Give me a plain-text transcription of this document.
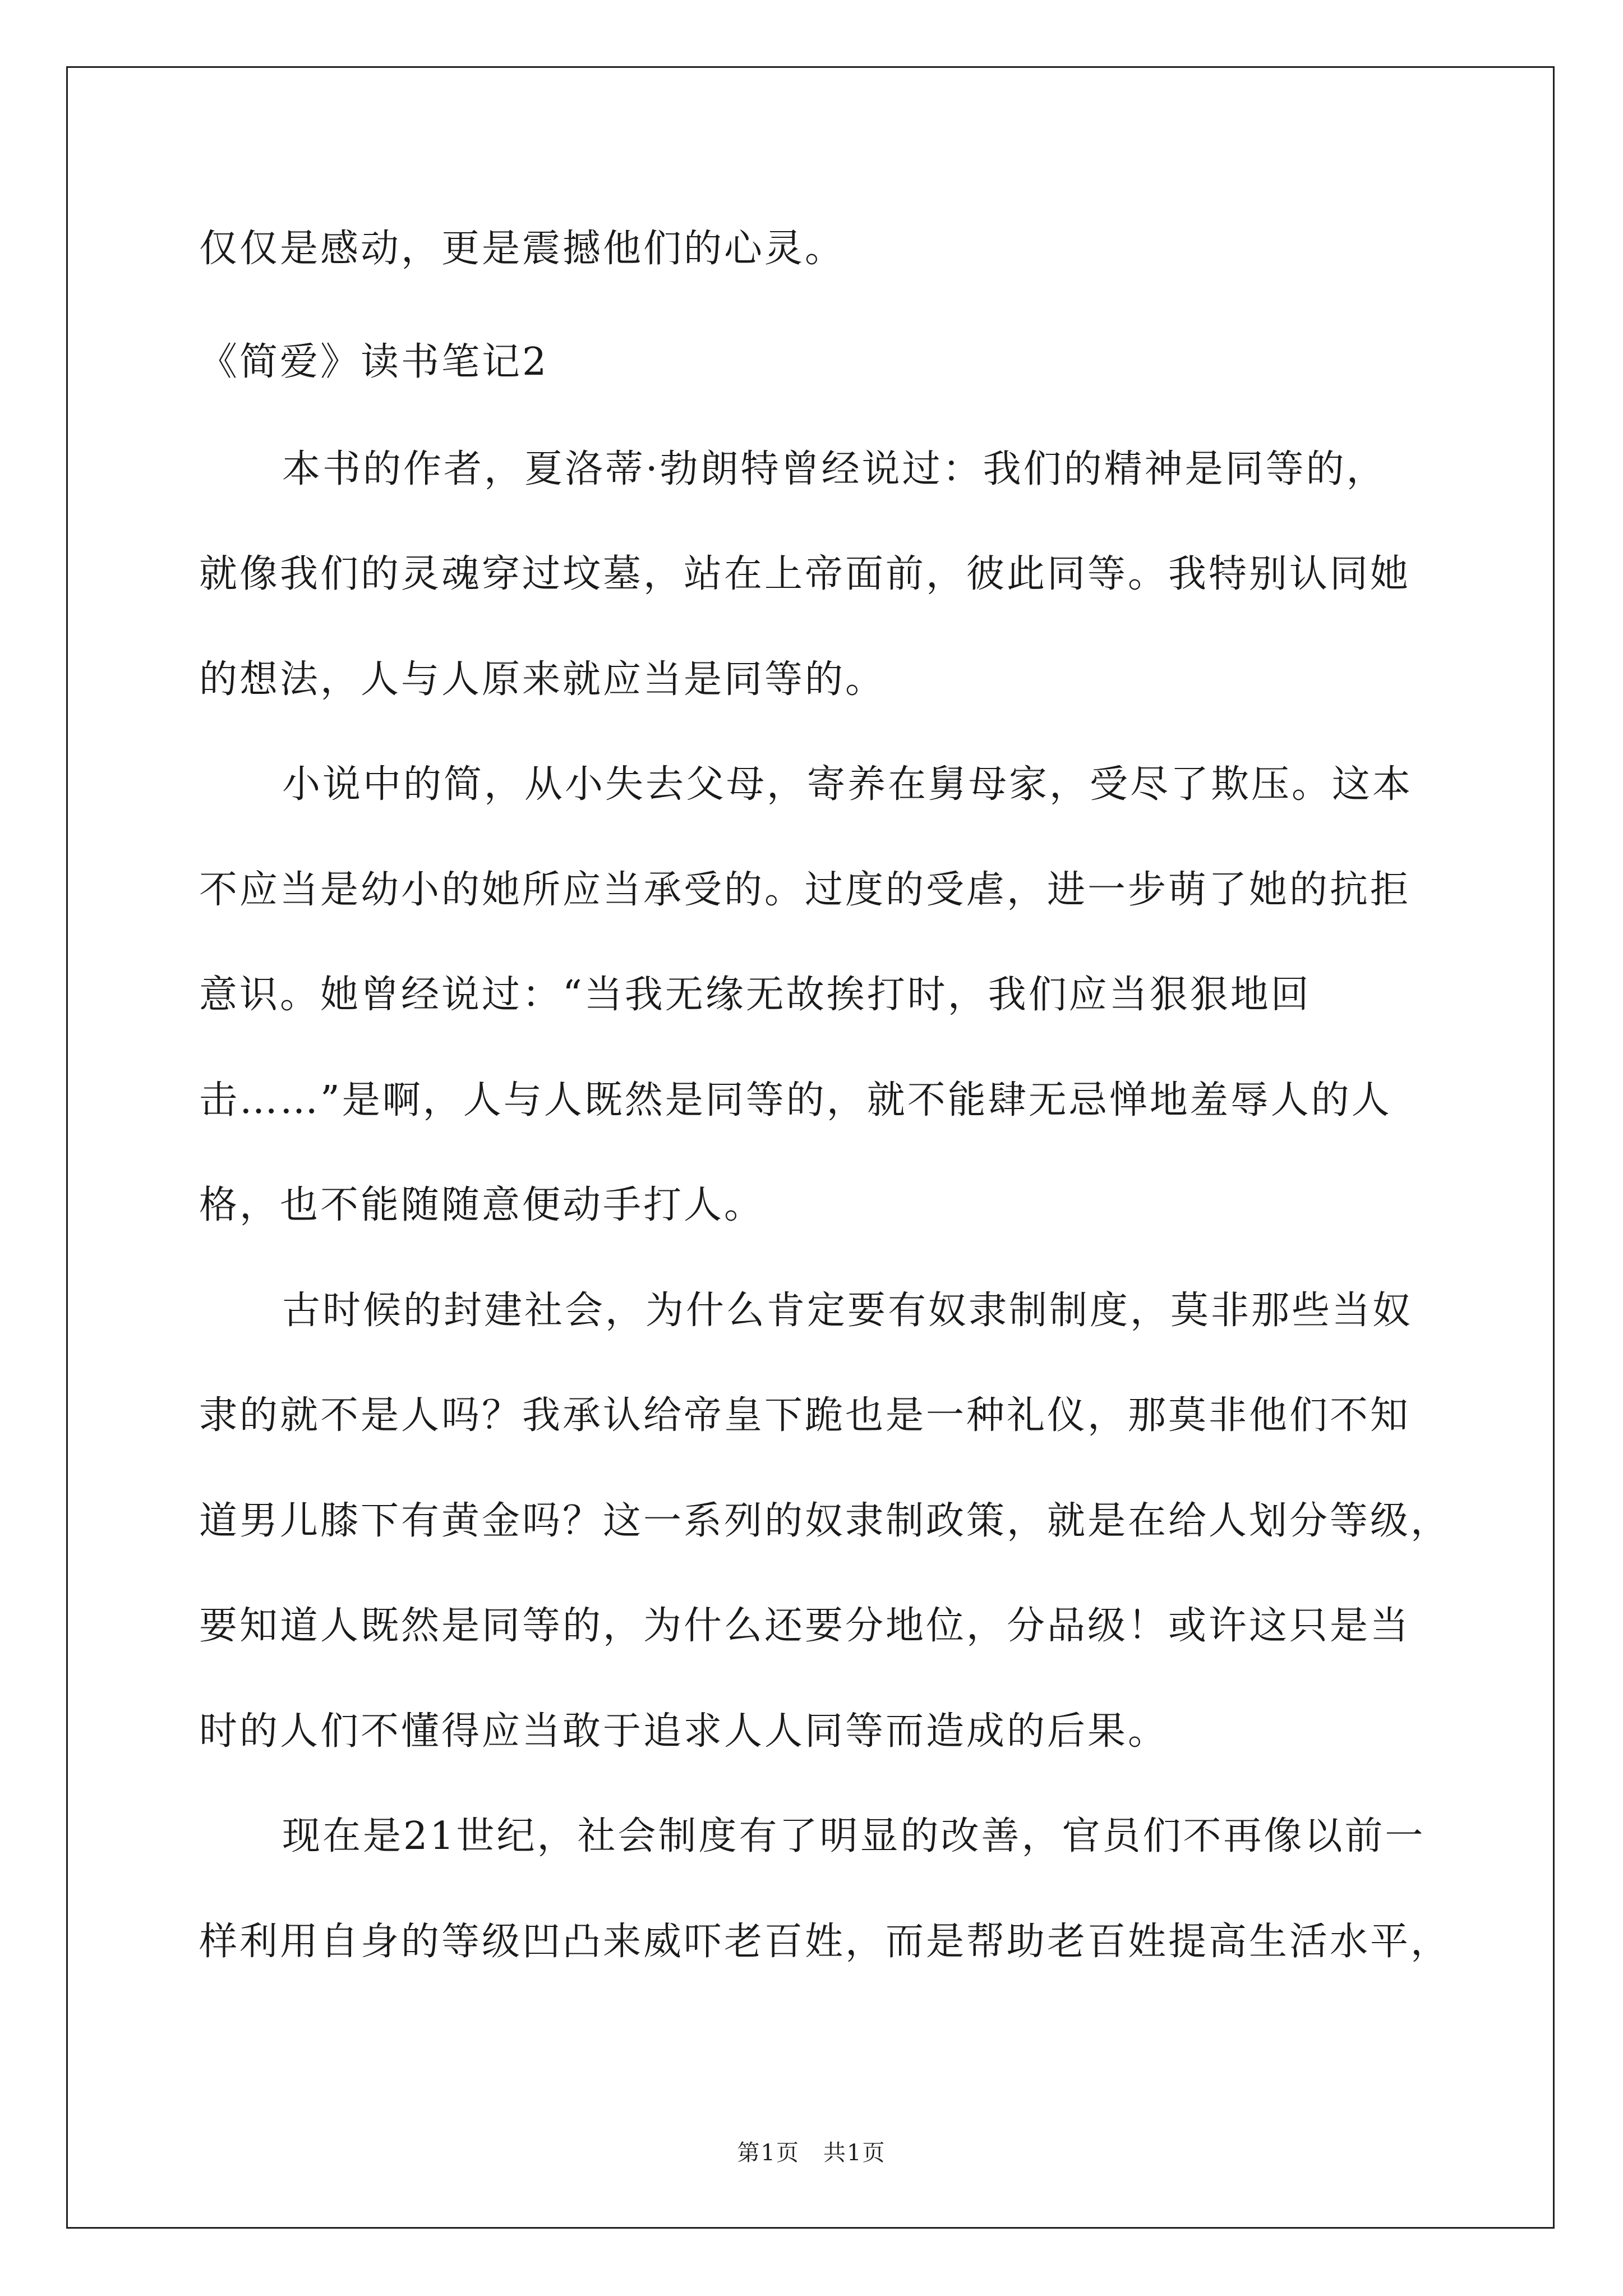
仅仅是感动，更是震撼他们的心灵。
《简爱》读书笔记2
本书的作者，夏洛蒂·勃朗特曾经说过：我们的精神是同等的，
就像我们的灵魂穿过坟墓，站在上帝面前，彼此同等。我特别认同她
的想法，人与人原来就应当是同等的。
小说中的简，从小失去父母，寄养在舅母家，受尽了欺压。这本
不应当是幼小的她所应当承受的。过度的受虐，进一步萌了她的抗拒
意识。她曾经说过：“当我无缘无故挨打时，我们应当狠狠地回
击……”是啊，人与人既然是同等的，就不能肆无忌惮地羞辱人的人
格，也不能随随意便动手打人。
古时候的封建社会，为什么肯定要有奴隶制制度，莫非那些当奴
隶的就不是人吗？我承认给帝皇下跪也是一种礼仪，那莫非他们不知
道男儿膝下有黄金吗？这一系列的奴隶制政策，就是在给人划分等级，
要知道人既然是同等的，为什么还要分地位，分品级！或许这只是当
时的人们不懂得应当敢于追求人人同等而造成的后果。
现在是21世纪，社会制度有了明显的改善，官员们不再像以前一
样利用自身的等级凹凸来威吓老百姓，而是帮助老百姓提高生活水平，
第1页　共1页
